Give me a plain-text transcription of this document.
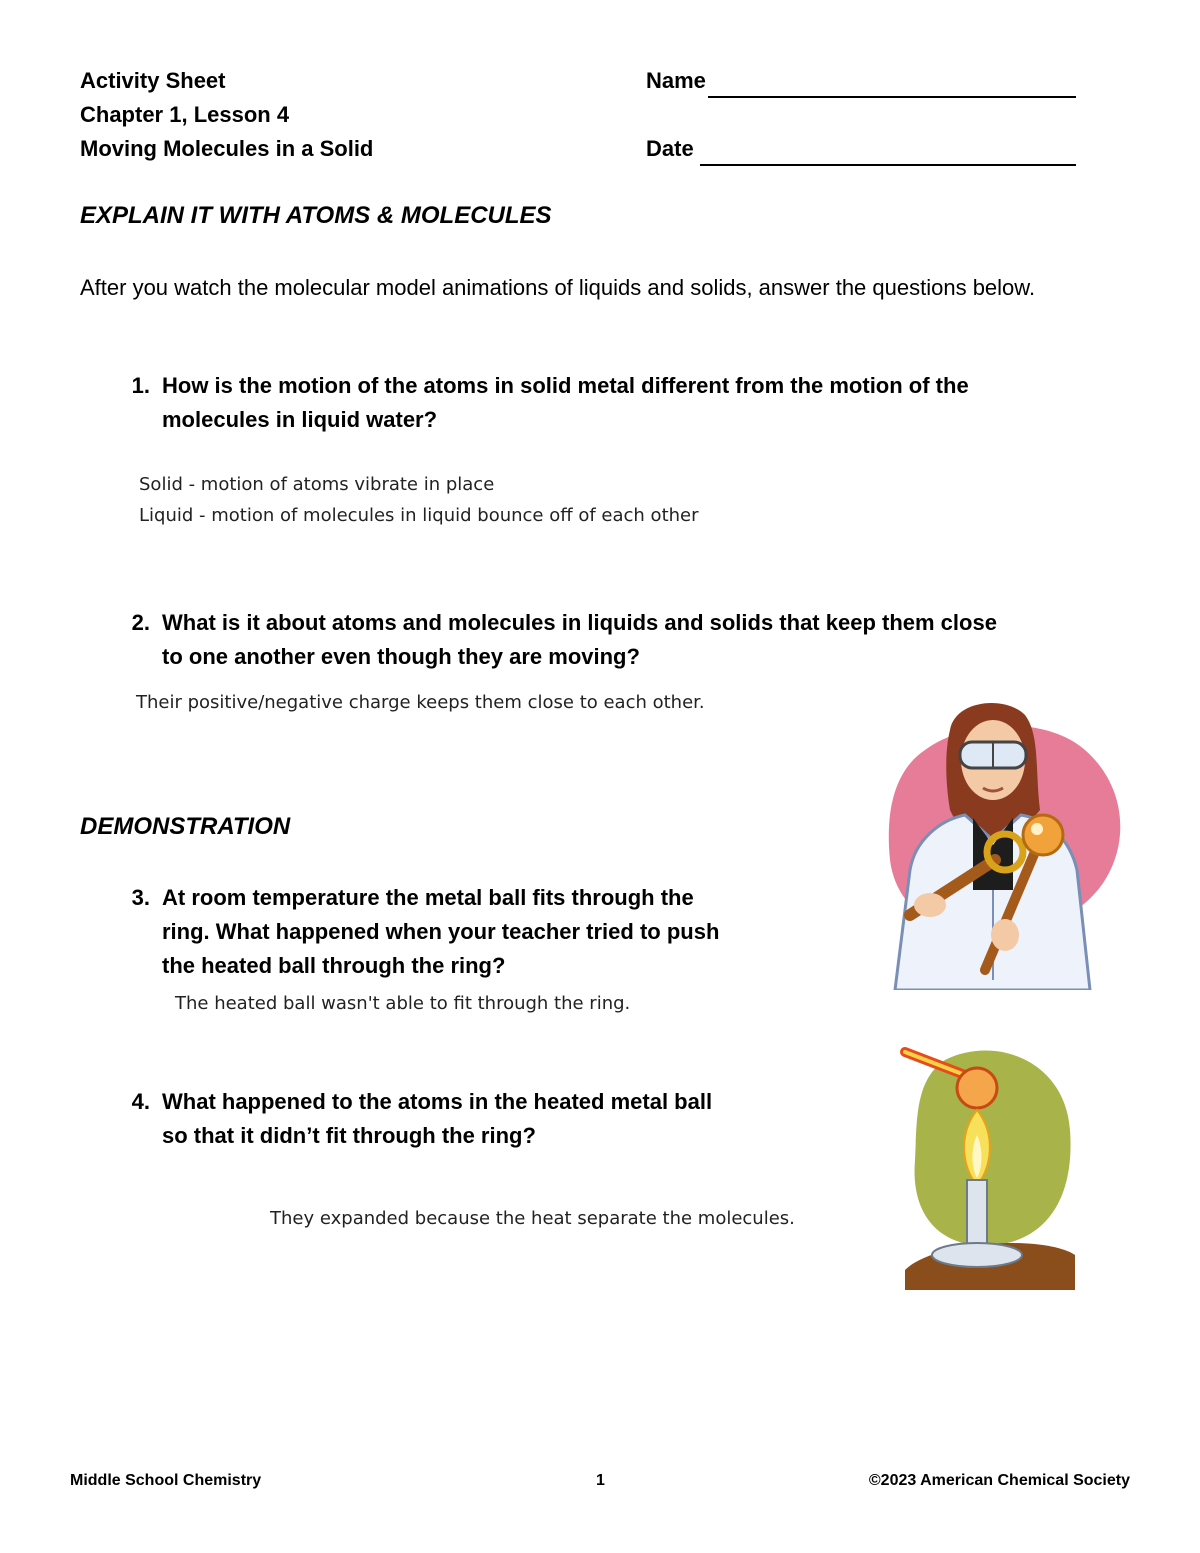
Activity Sheet
Chapter 1, Lesson 4
Moving Molecules in a Solid
Name
Date
EXPLAIN IT WITH ATOMS & MOLECULES
After you watch the molecular model animations of liquids and solids, answer the questions below.
1. How is the motion of the atoms in solid metal different from the motion of the
molecules in liquid water?
Solid - motion of atoms vibrate in place
Liquid - motion of molecules in liquid bounce off of each other
2. What is it about atoms and molecules in liquids and solids that keep them close
to one another even though they are moving?
Their positive/negative charge keeps them close to each other.
DEMONSTRATION
3. At room temperature the metal ball fits through the
ring. What happened when your teacher tried to push
the heated ball through the ring?
The heated ball wasn't able to fit through the ring.
4. What happened to the atoms in the heated metal ball
so that it didn’t fit through the ring?
They expanded because the heat separate the molecules.
Middle School Chemistry	1	©2023 American Chemical Society
